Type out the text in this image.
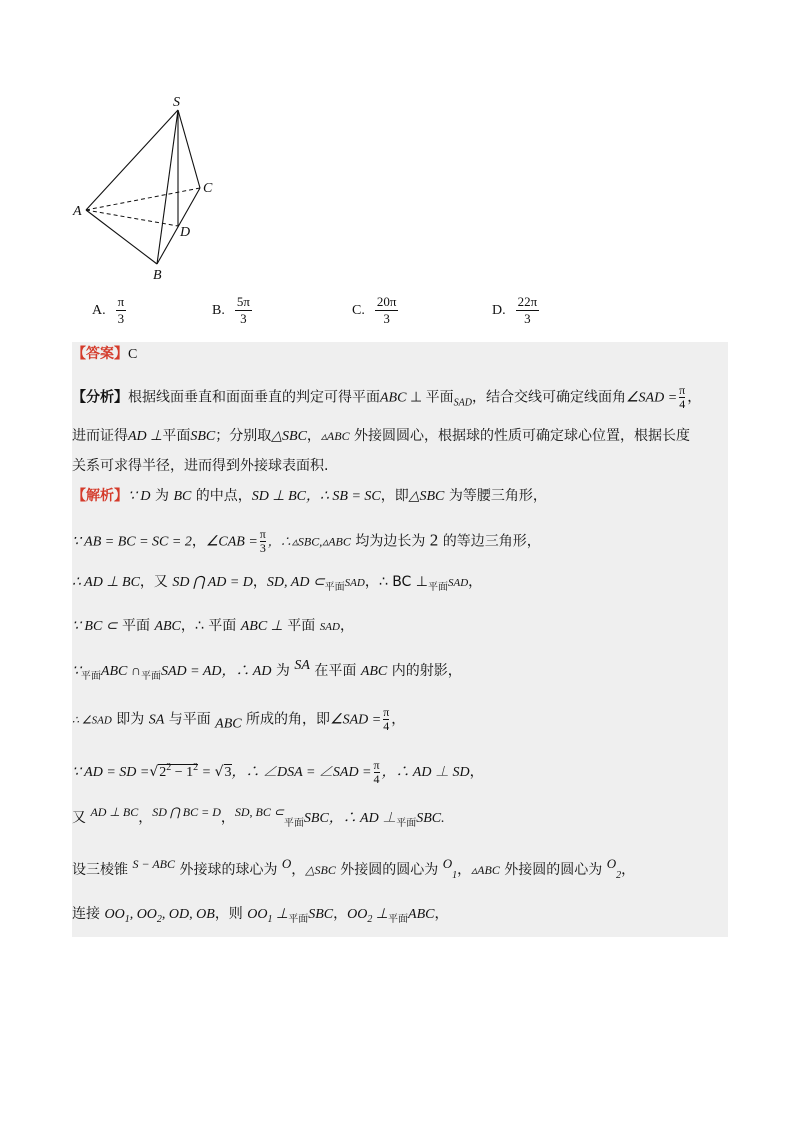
S
A
B
C
D
A. $\frac{\pi}{3}$	B. $\frac{5\pi}{3}$	C. $\frac{20\pi}{3}$	D. $\frac{22\pi}{3}$
【答案】C
【分析】根据线面垂直和面面垂直的判定可得平面ABC ⊥ 平面$_{SAD}$，结合交线可确定线面角∠SAD = $\frac{\pi}{4}$ ，
进而证得AD ⊥平面SBC；分别取△SBC，▵ABC 外接圆圆心，根据球的性质可确定球心位置，根据长度
关系可求得半径，进而得到外接球表面积.
【解析】∵ D 为 BC 的中点，SD ⊥ BC，∴ SB = SC，即△SBC 为等腰三角形，
∵ AB = BC = SC = 2，∠CAB = $\frac{\pi}{3}$ ，∴▵SBC,▵ABC 均为边长为 2 的等边三角形，
∴ AD ⊥ BC，又 SD ⋂ AD = D，SD, AD $\subset_{平面}SAD$，∴ BC $\perp_{平面}SAD$，
∵ BC ⊂ 平面 ABC，∴ 平面 ABC ⊥ 平面 SAD，
$\because_{平面}ABC$ $\cap_{平面}SAD$ = AD，∴ AD 为 SA 在平面 ABC 内的射影，
∴ ∠SAD 即为 SA 与平面 ABC 所成的角，即∠SAD = $\frac{\pi}{4}$ ，
∵ AD = SD $=√2^2 - 1^2 = √3$，∴ ∠DSA = ∠SAD = $\frac{\pi}{4}$ ，∴ AD ⊥ SD，
又 AD ⊥ BC，SD ⋂ BC = D，SD, BC $\subset_{平面}SBC$，∴ AD $\perp_{平面}SBC$.
设三棱锥 S − ABC 外接球的球心为 O，△SBC 外接圆的圆心为 $O_1$，▵ABC 外接圆的圆心为 $O_2$，
连接 $OO_1$, $OO_2$, OD, OB，则 $OO_1$ $\perp_{平面}SBC$，$OO_2$ $\perp_{平面}ABC$，
